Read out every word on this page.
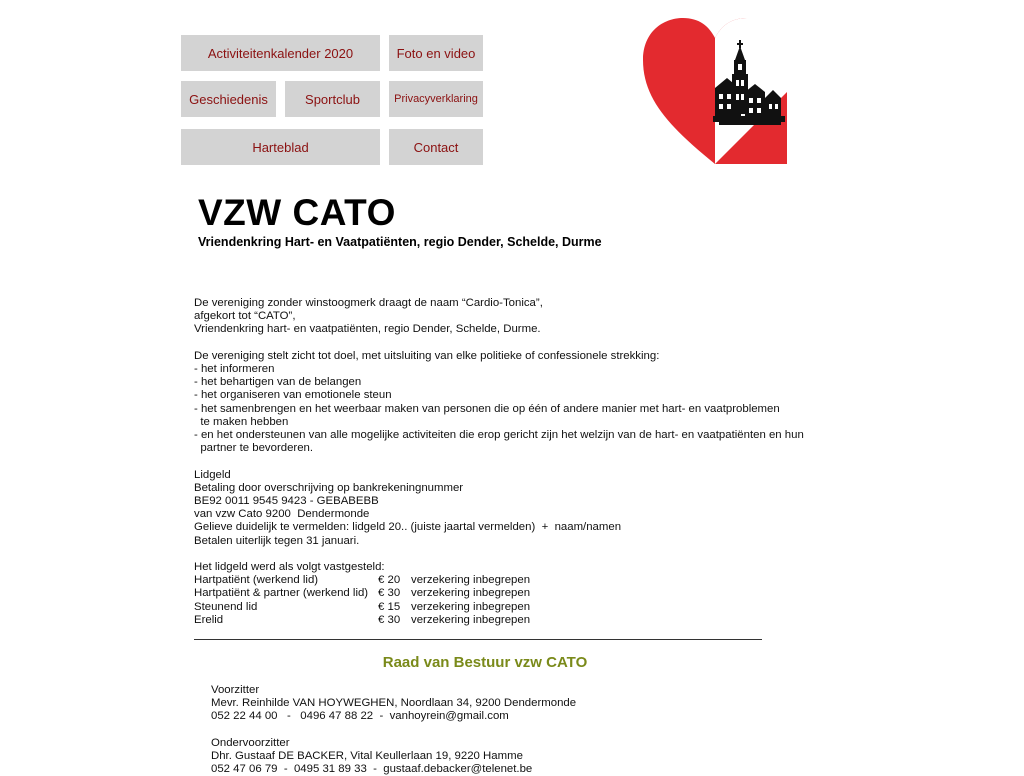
Activiteitenkalender 2020	Foto en video
Geschiedenis	Sportclub	Privacyverklaring
Harteblad	Contact
VZW CATO

Vriendenkring Hart- en Vaatpatiënten, regio Dender, Schelde, Durme

De vereniging zonder winstoogmerk draagt de naam “Cardio-Tonica”,
afgekort tot “CATO”,
Vriendenkring hart- en vaatpatiënten, regio Dender, Schelde, Durme.
De vereniging stelt zicht tot doel, met uitsluiting van elke politieke of confessionele strekking:
- het informeren
- het behartigen van de belangen
- het organiseren van emotionele steun
- het samenbrengen en het weerbaar maken van personen die op één of andere manier met hart- en vaatproblemen
te maken hebben
- en het ondersteunen van alle mogelijke activiteiten die erop gericht zijn het welzijn van de hart- en vaatpatiënten en hun
partner te bevorderen.
Lidgeld
Betaling door overschrijving op bankrekeningnummer
BE92 0011 9545 9423 - GEBABEBB
van vzw Cato 9200  Dendermonde
Gelieve duidelijk te vermelden: lidgeld 20.. (juiste jaartal vermelden)  +  naam/namen
Betalen uiterlijk tegen 31 januari.
Het lidgeld werd als volgt vastgesteld:
Hartpatiënt (werkend lid)	€ 20 verzekering inbegrepen
Hartpatiënt & partner (werkend lid) € 30 verzekering inbegrepen
Steunend lid	€ 15 verzekering inbegrepen
Erelid	€ 30 verzekering inbegrepen
Raad van Bestuur vzw CATO
Voorzitter
Mevr. Reinhilde VAN HOYWEGHEN, Noordlaan 34, 9200 Dendermonde
052 22 44 00   -   0496 47 88 22  -  vanhoyrein@gmail.com
Ondervoorzitter
Dhr. Gustaaf DE BACKER, Vital Keullerlaan 19, 9220 Hamme
052 47 06 79  -  0495 31 89 33  -  gustaaf.debacker@telenet.be
